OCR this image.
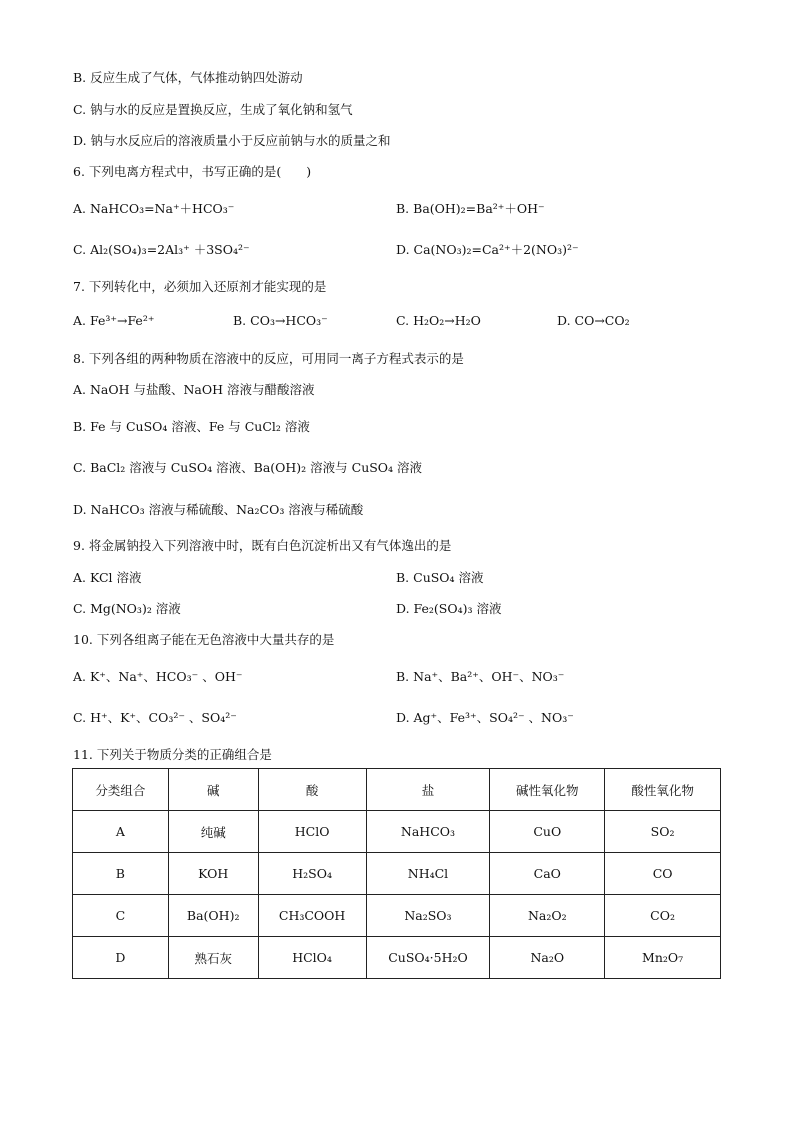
B. 反应生成了气体，气体推动钠四处游动
C. 钠与水的反应是置换反应，生成了氧化钠和氢气
D. 钠与水反应后的溶液质量小于反应前钠与水的质量之和
6. 下列电离方程式中，书写正确的是(　　)
A. NaHCO₃=Na⁺＋HCO₃⁻	B. Ba(OH)₂=Ba²⁺＋OH⁻
C. Al₂(SO₄)₃=2Al₃⁺ ＋3SO₄²⁻	D. Ca(NO₃)₂=Ca²⁺＋2(NO₃)²⁻
7. 下列转化中，必须加入还原剂才能实现的是
A. Fe³⁺→Fe²⁺	B. CO₃→HCO₃⁻	C. H₂O₂→H₂O	D. CO→CO₂
8. 下列各组的两种物质在溶液中的反应，可用同一离子方程式表示的是
A. NaOH 与盐酸、NaOH 溶液与醋酸溶液
B. Fe 与 CuSO₄ 溶液、Fe 与 CuCl₂ 溶液
C. BaCl₂ 溶液与 CuSO₄ 溶液、Ba(OH)₂ 溶液与 CuSO₄ 溶液
D. NaHCO₃ 溶液与稀硫酸、Na₂CO₃ 溶液与稀硫酸
9. 将金属钠投入下列溶液中时，既有白色沉淀析出又有气体逸出的是
A. KCl 溶液	B. CuSO₄ 溶液
C. Mg(NO₃)₂ 溶液	D. Fe₂(SO₄)₃ 溶液
10. 下列各组离子能在无色溶液中大量共存的是
A. K⁺、Na⁺、HCO₃⁻ 、OH⁻	B. Na⁺、Ba²⁺、OH⁻、NO₃⁻
C. H⁺、K⁺、CO₃²⁻ 、SO₄²⁻	D. Ag⁺、Fe³⁺、SO₄²⁻ 、NO₃⁻
11. 下列关于物质分类的正确组合是
分类组合	碱	酸	盐	碱性氧化物	酸性氧化物
A	纯碱	HClO	NaHCO₃	CuO	SO₂
B	KOH	H₂SO₄	NH₄Cl	CaO	CO
C	Ba(OH)₂	CH₃COOH	Na₂SO₃	Na₂O₂	CO₂
D	熟石灰	HClO₄	CuSO₄·5H₂O	Na₂O	Mn₂O₇
